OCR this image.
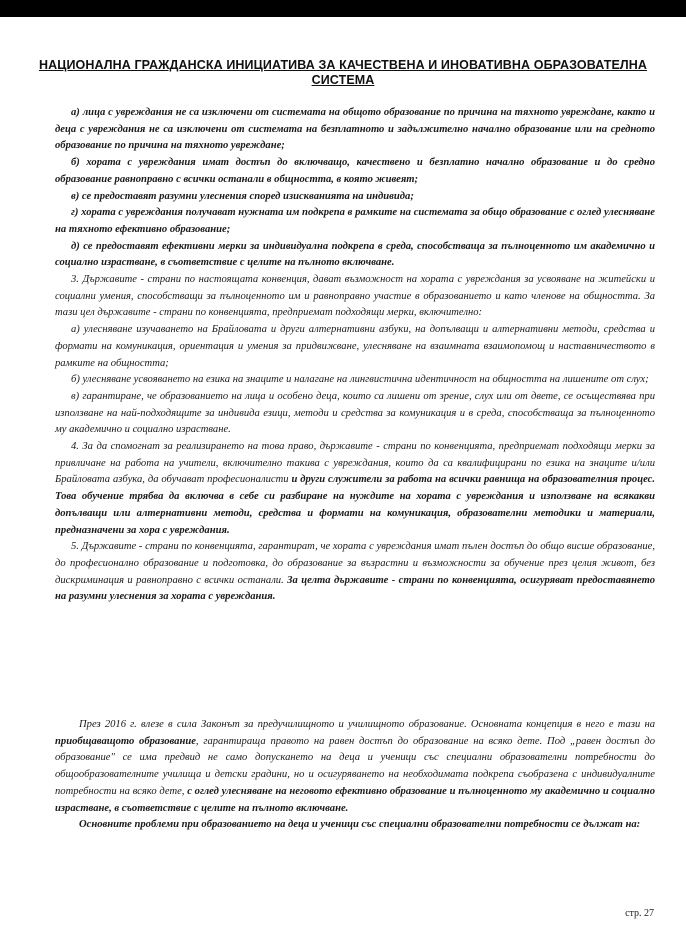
НАЦИОНАЛНА ГРАЖДАНСКА ИНИЦИАТИВА ЗА КАЧЕСТВЕНА И ИНОВАТИВНА ОБРАЗОВАТЕЛНА СИСТЕМА

а) лица с увреждания не са изключени от системата на общото образование по причина на тяхното увреждане, както и деца с увреждания не са изключени от системата на безплатното и задължително начално образование или на средното образование по причина на тяхното увреждане;

б) хората с увреждания имат достъп до включващо, качествено и безплатно начално образование и до средно образование равноправно с всички останали в общността, в която живеят;

в) се предоставят разумни улеснения според изискванията на индивида;

г) хората с увреждания получават нужната им подкрепа в рамките на системата за общо образование с оглед улесняване на тяхното ефективно образование;

д) се предоставят ефективни мерки за индивидуална подкрепа в среда, способстваща за пълноценното им академично и социално израстване, в съответствие с целите на пълното включване.

3. Държавите - страни по настоящата конвенция, дават възможност на хората с увреждания за усвояване на житейски и социални умения, способстващи за пълноценното им и равноправно участие в образованието и като членове на общността. За тази цел държавите - страни по конвенцията, предприемат подходящи мерки, включително:

а) улесняване изучаването на Брайловата и други алтернативни азбуки, на допълващи и алтернативни методи, средства и формати на комуникация, ориентация и умения за придвижване, улесняване на взаимната взаимопомощ и наставничеството в рамките на общността;

б) улесняване усвояването на езика на знаците и налагане на лингвистична идентичност на общността на лишените от слух;

в) гарантиране, че образованието на лица и особено деца, които са лишени от зрение, слух или от двете, се осъществява при използване на най-подходящите за индивида езици, методи и средства за комуникация и в среда, способстваща за пълноценното му академично и социално израстване.

4. За да спомогнат за реализирането на това право, държавите - страни по конвенцията, предприемат подходящи мерки за привличане на работа на учители, включително такива с увреждания, които да са квалифицирани по езика на знаците и/или Брайловата азбука, да обучават професионалисти и други служители за работа на всички равнища на образователния процес. Това обучение трябва да включва в себе си разбиране на нуждите на хората с увреждания и използване на всякакви допълващи или алтернативни методи, средства и формати на комуникация, образователни методики и материали, предназначени за хора с увреждания.

5. Държавите - страни по конвенцията, гарантират, че хората с увреждания имат пълен достъп до общо висше образование, до професионално образование и подготовка, до образование за възрастни и възможности за обучение през целия живот, без дискриминация и равноправно с всички останали. За целта държавите - страни по конвенцията, осигуряват предоставянето на разумни улеснения за хората с увреждания.

През 2016 г. влезе в сила Законът за предучилищното и училищното образование. Основната концепция в него е тази на приобщаващото образование, гарантираща правото на равен достъп до образование на всяко дете. Под „равен достъп до образование" се има предвид не само допускането на деца и ученици със специални образователни потребности до общообразователните училища и детски градини, но и осигуряването на необходимата подкрепа съобразена с индивидуалните потребности на всяко дете, с оглед улесняване на неговото ефективно образование и пълноценното му академично и социално израстване, в съответствие с целите на пълното включване.

Основните проблеми при образованието на деца и ученици със специални образователни потребности се дължат на:

стр. 27
